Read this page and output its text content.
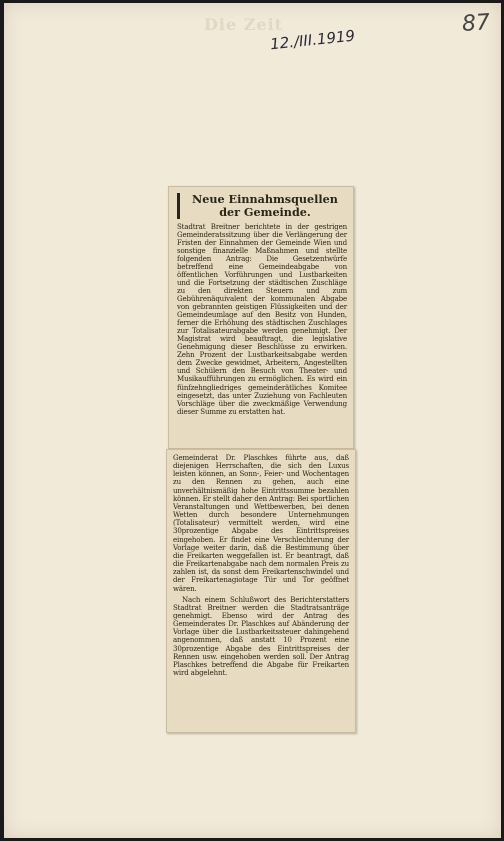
Die Zeit
12./III.1919
87
Neue Einnahmsquellen der Gemeinde.

Stadtrat Breitner berichtete in der gestrigen Gemeinderatssitzung über die Verlängerung der Fristen der Einnahmen der Gemeinde Wien und sonstige finanzielle Maßnahmen und stellte folgenden Antrag: Die Gesetzentwürfe betreffend eine Gemeindeabgabe von öffentlichen Vorführungen und Lustbarkeiten und die Fortsetzung der städtischen Zuschläge zu den direkten Steuern und zum Gebührenäquivalent der kommunalen Abgabe von gebrannten geistigen Flüssigkeiten und der Gemeindeumlage auf den Besitz von Hunden, ferner die Erhöhung des städtischen Zuschlages zur Totalisateurabgabe werden genehmigt. Der Magistrat wird beauftragt, die legislative Genehmigung dieser Beschlüsse zu erwirken. Zehn Prozent der Lustbarkeitsabgabe werden dem Zwecke gewidmet, Arbeitern, Angestellten und Schülern den Besuch von Theater- und Musikaufführungen zu ermöglichen. Es wird ein fünfzehngliedriges gemeinderätliches Komitee eingesetzt, das unter Zuziehung von Fachleuten Vorschläge über die zweckmäßige Verwendung dieser Summe zu erstatten hat.

Gemeinderat Dr. Plaschkes führte aus, daß diejenigen Herrschaften, die sich den Luxus leisten können, an Sonn-, Feier- und Wochentagen zu den Rennen zu gehen, auch eine unverhältnismäßig hohe Eintrittssumme bezahlen können. Er stellt daher den Antrag: Bei sportlichen Veranstaltungen und Wettbewerben, bei denen Wetten durch besondere Unternehmungen (Totalisateur) vermittelt werden, wird eine 30prozentige Abgabe des Eintrittspreises eingehoben. Er findet eine Verschlechterung der Vorlage weiter darin, daß die Bestimmung über die Freikarten weggefallen ist. Er beantragt, daß die Freikartenabgabe nach dem normalen Preis zu zahlen ist, da sonst dem Freikartenschwindel und der Freikartenagiotage Tür und Tor geöffnet wären.

Nach einem Schlußwort des Berichterstatters Stadtrat Breitner werden die Stadtratsanträge genehmigt. Ebenso wird der Antrag des Gemeinderates Dr. Plaschkes auf Abänderung der Vorlage über die Lustbarkeitssteuer dahingehend angenommen, daß anstatt 10 Prozent eine 30prozentige Abgabe des Eintrittspreises der Rennen usw. eingehoben werden soll. Der Antrag Plaschkes betreffend die Abgabe für Freikarten wird abgelehnt.
